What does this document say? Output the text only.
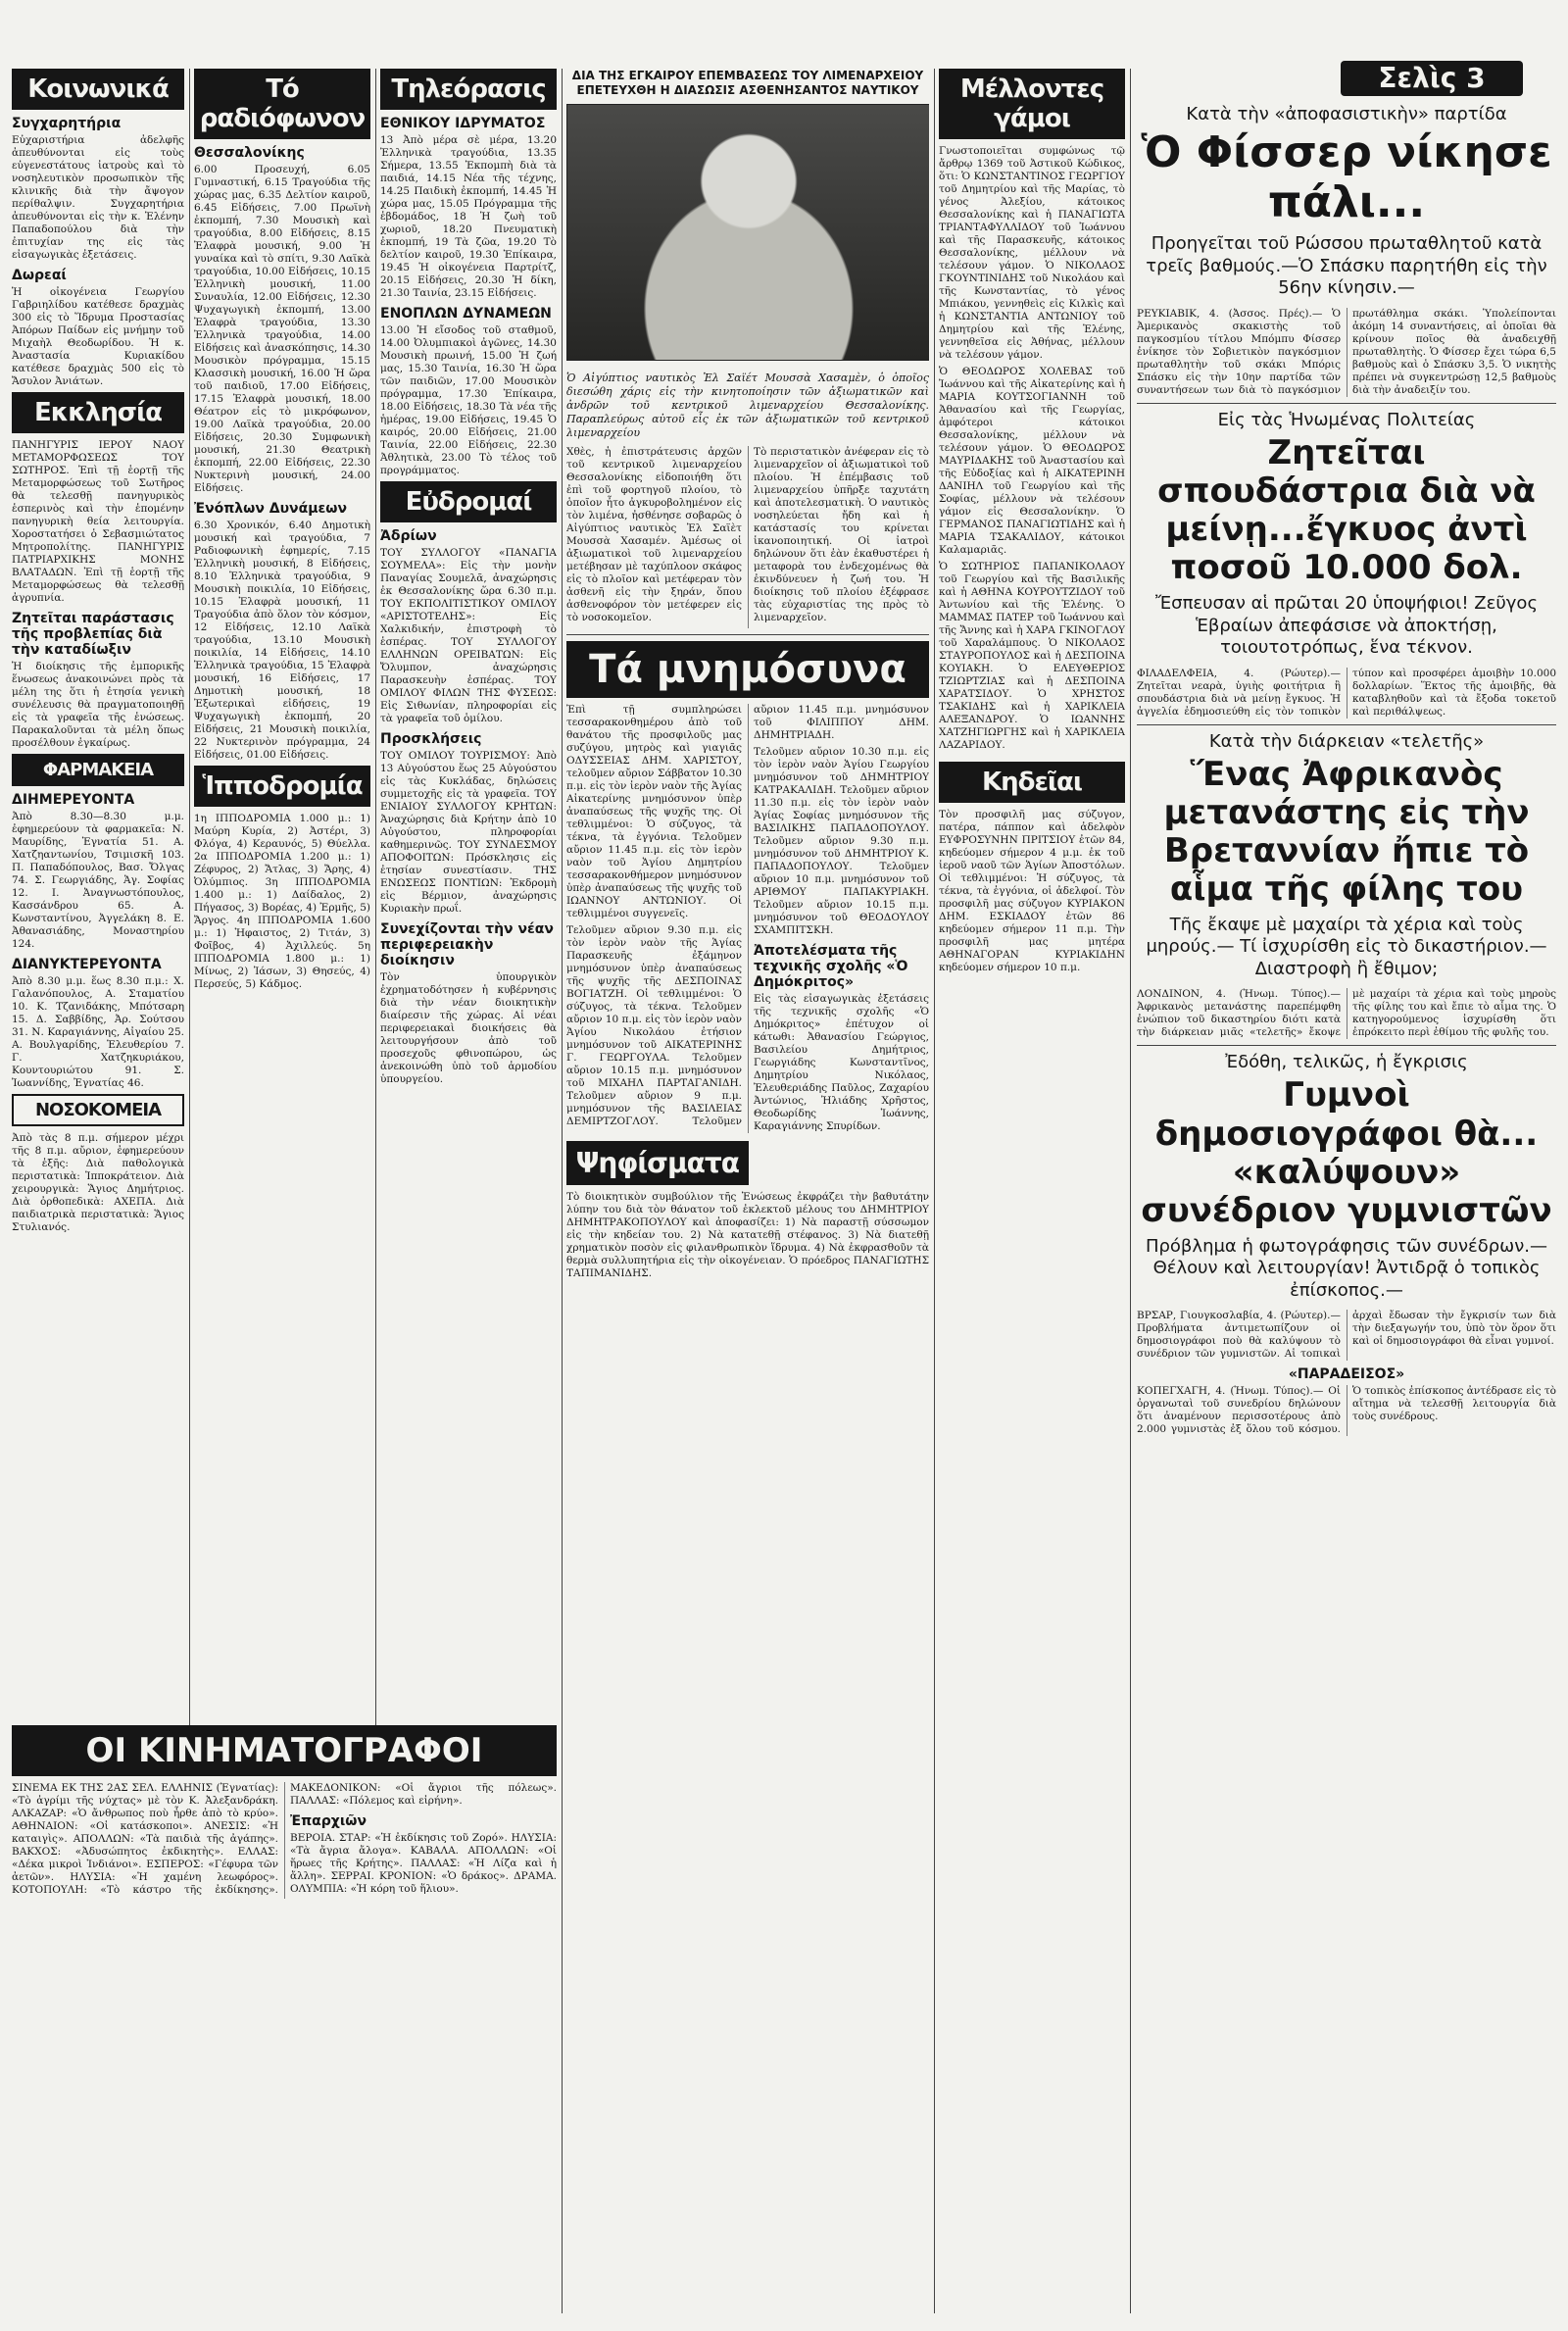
Σελὶς 3
Κοινωνικά
Συγχαρητήρια

Εὐχαριστήρια ἀδελφῆς ἀπευθύνονται εἰς τοὺς εὐγενεστάτους ἰατροὺς καὶ τὸ νοσηλευτικὸν προσωπικὸν τῆς κλινικῆς διὰ τὴν ἄψογον περίθαλψιν. Συγχαρητήρια ἀπευθύνονται εἰς τὴν κ. Ἑλένην Παπαδοπούλου διὰ τὴν ἐπιτυχίαν της εἰς τὰς εἰσαγωγικὰς ἐξετάσεις.

Δωρεαί

Ἡ οἰκογένεια Γεωργίου Γαβριηλίδου κατέθεσε δραχμὰς 300 εἰς τὸ Ἵδρυμα Προστασίας Ἀπόρων Παίδων εἰς μνήμην τοῦ Μιχαὴλ Θεοδωρίδου. Ἡ κ. Ἀναστασία Κυριακίδου κατέθεσε δραχμὰς 500 εἰς τὸ Ἄσυλον Ἀνιάτων.

Εκκλησία

ΠΑΝΗΓΥΡΙΣ ΙΕΡΟΥ ΝΑΟΥ ΜΕΤΑΜΟΡΦΩΣΕΩΣ ΤΟΥ ΣΩΤΗΡΟΣ. Ἐπὶ τῇ ἑορτῇ τῆς Μεταμορφώσεως τοῦ Σωτῆρος θὰ τελεσθῇ πανηγυρικὸς ἑσπερινὸς καὶ τὴν ἑπομένην πανηγυρικὴ θεία λειτουργία. Χοροστατήσει ὁ Σεβασμιώτατος Μητροπολίτης. ΠΑΝΗΓΥΡΙΣ ΠΑΤΡΙΑΡΧΙΚΗΣ ΜΟΝΗΣ ΒΛΑΤΑΔΩΝ. Ἐπὶ τῇ ἑορτῇ τῆς Μεταμορφώσεως θὰ τελεσθῇ ἀγρυπνία.

Ζητεῖται παράστασις τῆς προβλεπίας διὰ τὴν καταδίωξιν

Ἡ διοίκησις τῆς ἐμπορικῆς ἕνωσεως ἀνακοινώνει πρὸς τὰ μέλη της ὅτι ἡ ἐτησία γενικὴ συνέλευσις θὰ πραγματοποιηθῇ εἰς τὰ γραφεῖα τῆς ἑνώσεως. Παρακαλοῦνται τὰ μέλη ὅπως προσέλθουν ἐγκαίρως.

ΦΑΡΜΑΚΕΙΑ
ΔΙΗΜΕΡΕΥΟΝΤΑ

Ἀπὸ 8.30—8.30 μ.μ. ἐφημερεύουν τὰ φαρμακεῖα: Ν. Μαυρίδης, Ἐγνατία 51. Α. Χατζηαντωνίου, Τσιμισκῆ 103. Π. Παπαδόπουλος, Βασ. Ὄλγας 74. Σ. Γεωργιάδης, Ἁγ. Σοφίας 12. Ι. Ἀναγνωστόπουλος, Κασσάνδρου 65. Α. Κωνσταντίνου, Ἀγγελάκη 8. Ε. Ἀθανασιάδης, Μοναστηρίου 124.

ΔΙΑΝΥΚΤΕΡΕΥΟΝΤΑ

Ἀπὸ 8.30 μ.μ. ἕως 8.30 π.μ.: Χ. Γαλανόπουλος, Α. Σταματίου 10. Κ. Τζανιδάκης, Μπότσαρη 15. Δ. Σαββίδης, Ἀρ. Σούτσου 31. Ν. Καραγιάννης, Αἰγαίου 25. Α. Βουλγαρίδης, Ἑλευθερίου 7. Γ. Χατζηκυριάκου, Κουντουριώτου 91. Σ. Ἰωαννίδης, Ἐγνατίας 46.

ΝΟΣΟΚΟΜΕΙΑ

Ἀπὸ τὰς 8 π.μ. σήμερον μέχρι τῆς 8 π.μ. αὔριον, ἐφημερεύουν τὰ ἑξῆς: Διὰ παθολογικὰ περιστατικὰ: Ἱπποκράτειον. Διὰ χειρουργικὰ: Ἅγιος Δημήτριος. Διὰ ὀρθοπεδικὰ: ΑΧΕΠΑ. Διὰ παιδιατρικὰ περιστατικὰ: Ἅγιος Στυλιανός.

Τό ραδιόφωνον
Θεσσαλονίκης

6.00 Προσευχή, 6.05 Γυμναστική, 6.15 Τραγούδια τῆς χώρας μας, 6.35 Δελτίον καιροῦ, 6.45 Εἰδήσεις, 7.00 Πρωϊνὴ ἐκπομπή, 7.30 Μουσικὴ καὶ τραγούδια, 8.00 Εἰδήσεις, 8.15 Ἐλαφρὰ μουσική, 9.00 Ἡ γυναίκα καὶ τὸ σπίτι, 9.30 Λαϊκὰ τραγούδια, 10.00 Εἰδήσεις, 10.15 Ἐλληνικὴ μουσική, 11.00 Συναυλία, 12.00 Εἰδήσεις, 12.30 Ψυχαγωγικὴ ἐκπομπή, 13.00 Ἐλαφρὰ τραγούδια, 13.30 Ἐλληνικὰ τραγούδια, 14.00 Εἰδήσεις καὶ ἀνασκόπησις, 14.30 Μουσικὸν πρόγραμμα, 15.15 Κλασσικὴ μουσική, 16.00 Ἡ ὥρα τοῦ παιδιοῦ, 17.00 Εἰδήσεις, 17.15 Ἐλαφρὰ μουσική, 18.00 Θέατρον εἰς τὸ μικρόφωνον, 19.00 Λαϊκὰ τραγούδια, 20.00 Εἰδήσεις, 20.30 Συμφωνικὴ μουσική, 21.30 Θεατρικὴ ἐκπομπή, 22.00 Εἰδήσεις, 22.30 Νυκτερινὴ μουσική, 24.00 Εἰδήσεις.

Ἐνόπλων Δυνάμεων

6.30 Χρονικόν, 6.40 Δημοτικὴ μουσική καὶ τραγούδια, 7 Ραδιοφωνικὴ ἐφημερίς, 7.15 Ἐλληνικὴ μουσική, 8 Εἰδήσεις, 8.10 Ἑλληνικὰ τραγούδια, 9 Μουσικὴ ποικιλία, 10 Εἰδήσεις, 10.15 Ἐλαφρὰ μουσική, 11 Τραγούδια ἀπὸ ὅλον τὸν κόσμον, 12 Εἰδήσεις, 12.10 Λαϊκὰ τραγούδια, 13.10 Μουσικὴ ποικιλία, 14 Εἰδήσεις, 14.10 Ἑλληνικὰ τραγούδια, 15 Ἐλαφρὰ μουσική, 16 Εἰδήσεις, 17 Δημοτικὴ μουσική, 18 Ἐξωτερικαὶ εἰδήσεις, 19 Ψυχαγωγικὴ ἐκπομπή, 20 Εἰδήσεις, 21 Μουσικὴ ποικιλία, 22 Νυκτερινὸν πρόγραμμα, 24 Εἰδήσεις, 01.00 Εἰδήσεις.

Ἱπποδρομία

1η ΙΠΠΟΔΡΟΜΙΑ 1.000 μ.: 1) Μαύρη Κυρία, 2) Ἀστέρι, 3) Φλόγα, 4) Κεραυνός, 5) Θύελλα. 2α ΙΠΠΟΔΡΟΜΙΑ 1.200 μ.: 1) Ζέφυρος, 2) Ἄτλας, 3) Ἄρης, 4) Ὀλύμπιος. 3η ΙΠΠΟΔΡΟΜΙΑ 1.400 μ.: 1) Δαίδαλος, 2) Πήγασος, 3) Βορέας, 4) Ἐρμῆς, 5) Ἄργος. 4η ΙΠΠΟΔΡΟΜΙΑ 1.600 μ.: 1) Ἡφαιστος, 2) Τιτάν, 3) Φοῖβος, 4) Ἀχιλλεύς. 5η ΙΠΠΟΔΡΟΜΙΑ 1.800 μ.: 1) Μίνως, 2) Ἰάσων, 3) Θησεύς, 4) Περσεύς, 5) Κάδμος.

Τηλεόρασις
ΕΘΝΙΚΟΥ ΙΔΡΥΜΑΤΟΣ

13 Ἀπὸ μέρα σὲ μέρα, 13.20 Ἐλληνικὰ τραγούδια, 13.35 Σήμερα, 13.55 Ἐκπομπὴ διὰ τὰ παιδιά, 14.15 Νέα τῆς τέχνης, 14.25 Παιδικὴ ἐκπομπή, 14.45 Ἡ χώρα μας, 15.05 Πρόγραμμα τῆς ἑβδομάδος, 18 Ἡ ζωὴ τοῦ χωριοῦ, 18.20 Πνευματικὴ ἐκπομπή, 19 Τὰ ζῶα, 19.20 Τὸ δελτίον καιροῦ, 19.30 Ἐπίκαιρα, 19.45 Ἡ οἰκογένεια Παρτρίτζ, 20.15 Εἰδήσεις, 20.30 Ἡ δίκη, 21.30 Ταινία, 23.15 Εἰδήσεις.

ΕΝΟΠΛΩΝ ΔΥΝΑΜΕΩΝ

13.00 Ἡ εἴσοδος τοῦ σταθμοῦ, 14.00 Ὀλυμπιακοὶ ἀγῶνες, 14.30 Μουσικὴ πρωινή, 15.00 Ἡ ζωή μας, 15.30 Ταινία, 16.30 Ἡ ὥρα τῶν παιδιῶν, 17.00 Μουσικὸν πρόγραμμα, 17.30 Ἐπίκαιρα, 18.00 Εἰδήσεις, 18.30 Τὰ νέα τῆς ἡμέρας, 19.00 Εἰδήσεις, 19.45 Ὁ καιρός, 20.00 Εἰδήσεις, 21.00 Ταινία, 22.00 Εἰδήσεις, 22.30 Ἀθλητικὰ, 23.00 Τὸ τέλος τοῦ προγράμματος.

Εὐδρομαί
Ἀδρίων

ΤΟΥ ΣΥΛΛΟΓΟΥ «ΠΑΝΑΓΙΑ ΣΟΥΜΕΛΑ»: Εἰς τὴν μονὴν Παναγίας Σουμελᾶ, ἀναχώρησις ἐκ Θεσσαλονίκης ὥρα 6.30 π.μ. ΤΟΥ ΕΚΠΟΛΙΤΙΣΤΙΚΟΥ ΟΜΙΛΟΥ «ΑΡΙΣΤΟΤΕΛΗΣ»: Εἰς Χαλκιδικήν, ἐπιστροφὴ τὸ ἑσπέρας. ΤΟΥ ΣΥΛΛΟΓΟΥ ΕΛΛΗΝΩΝ ΟΡΕΙΒΑΤΩΝ: Εἰς Ὄλυμπον, ἀναχώρησις Παρασκευὴν ἑσπέρας. ΤΟΥ ΟΜΙΛΟΥ ΦΙΛΩΝ ΤΗΣ ΦΥΣΕΩΣ: Εἰς Σιθωνίαν, πληροφορίαι εἰς τὰ γραφεῖα τοῦ ὁμίλου.

Προσκλήσεις

ΤΟΥ ΟΜΙΛΟΥ ΤΟΥΡΙΣΜΟΥ: Ἀπὸ 13 Αὐγούστου ἕως 25 Αὐγούστου εἰς τὰς Κυκλάδας, δηλώσεις συμμετοχῆς εἰς τὰ γραφεῖα. ΤΟΥ ΕΝΙΑΙΟΥ ΣΥΛΛΟΓΟΥ ΚΡΗΤΩΝ: Ἀναχώρησις διὰ Κρήτην ἀπὸ 10 Αὐγούστου, πληροφορίαι καθημερινῶς. ΤΟΥ ΣΥΝΔΕΣΜΟΥ ΑΠΟΦΟΙΤΩΝ: Πρόσκλησις εἰς ἐτησίαν συνεστίασιν. ΤΗΣ ΕΝΩΣΕΩΣ ΠΟΝΤΙΩΝ: Ἐκδρομὴ εἰς Βέρμιον, ἀναχώρησις Κυριακὴν πρωΐ.

Συνεχίζονται τὴν νέαν περιφερειακὴν διοίκησιν

Τὸν ὑπουργικὸν ἐχρηματοδότησεν ἡ κυβέρνησις διὰ τὴν νέαν διοικητικὴν διαίρεσιν τῆς χώρας. Αἱ νέαι περιφερειακαὶ διοικήσεις θὰ λειτουργήσουν ἀπὸ τοῦ προσεχοῦς φθινοπώρου, ὡς ἀνεκοινώθη ὑπὸ τοῦ ἁρμοδίου ὑπουργείου.

ΟΙ ΚΙΝΗΜΑΤΟΓΡΑΦΟΙ

ΣΙΝΕΜΑ ΕΚ ΤΗΣ 2ΑΣ ΣΕΛ. ΕΛΛΗΝΙΣ (Ἐγνατίας): «Τὸ ἀγρίμι τῆς νύχτας» μὲ τὸν Κ. Ἀλεξανδράκη. ΑΛΚΑΖΑΡ: «Ὁ ἄνθρωπος ποὺ ἦρθε ἀπὸ τὸ κρύο». ΑΘΗΝΑΙΟΝ: «Οἱ κατάσκοποι». ΑΝΕΣΙΣ: «Ἡ καταιγὶς». ΑΠΟΛΛΩΝ: «Τὰ παιδιὰ τῆς ἀγάπης». ΒΑΚΧΟΣ: «Ἀδυσώπητος ἐκδικητὴς». ΕΛΛΑΣ: «Δέκα μικροὶ Ἰνδιάνοι». ΕΣΠΕΡΟΣ: «Γέφυρα τῶν ἀετῶν». ΗΛΥΣΙΑ: «Ἡ χαμένη λεωφόρος». ΚΟΤΟΠΟΥΛΗ: «Τὸ κάστρο τῆς ἐκδίκησης». ΜΑΚΕΔΟΝΙΚΟΝ: «Οἱ ἄγριοι τῆς πόλεως». ΠΑΛΛΑΣ: «Πόλεμος καὶ εἰρήνη».

Ἐπαρχιῶν

ΒΕΡΟΙΑ. ΣΤΑΡ: «Ἡ ἐκδίκησις τοῦ Ζορό». ΗΛΥΣΙΑ: «Τὰ ἄγρια ἄλογα». ΚΑΒΑΛΑ. ΑΠΟΛΛΩΝ: «Οἱ ἥρωες τῆς Κρήτης». ΠΑΛΛΑΣ: «Ἡ Λίζα καὶ ἡ ἄλλη». ΣΕΡΡΑΙ. ΚΡΟΝΙΟΝ: «Ὁ δράκος». ΔΡΑΜΑ. ΟΛΥΜΠΙΑ: «Ἡ κόρη τοῦ ἥλιου».

ΔΙΑ ΤΗΣ ΕΓΚΑΙΡΟΥ ΕΠΕΜΒΑΣΕΩΣ ΤΟΥ ΛΙΜΕΝΑΡΧΕΙΟΥ ΕΠΕΤΕΥΧΘΗ Η ΔΙΑΣΩΣΙΣ ΑΣΘΕΝΗΣΑΝΤΟΣ ΝΑΥΤΙΚΟΥ

Ὁ Αἰγύπτιος ναυτικὸς Ἐλ Σαϊέτ Μουσσὰ Χασαμὲν, ὁ ὁποῖος διεσώθη χάρις εἰς τὴν κινητοποίησιν τῶν ἀξιωματικῶν καὶ ἀνδρῶν τοῦ κεντρικοῦ λιμεναρχείου Θεσσαλονίκης. Παραπλεύρως αὐτοῦ εἷς ἐκ τῶν ἀξιωματικῶν τοῦ κεντρικοῦ λιμεναρχείου

Χθὲς, ἡ ἐπιστράτευσις ἀρχῶν τοῦ κεντρικοῦ λιμεναρχείου Θεσσαλονίκης εἰδοποιήθη ὅτι ἐπὶ τοῦ φορτηγοῦ πλοίου, τὸ ὁποῖον ἦτο ἀγκυροβολημένον εἰς τὸν λιμένα, ἠσθένησε σοβαρῶς ὁ Αἰγύπτιος ναυτικὸς Ἐλ Σαϊὲτ Μουσσὰ Χασαμέν. Ἀμέσως οἱ ἀξιωματικοὶ τοῦ λιμεναρχείου μετέβησαν μὲ ταχύπλοον σκάφος εἰς τὸ πλοῖον καὶ μετέφεραν τὸν ἀσθενῆ εἰς τὴν ξηράν, ὅπου ἀσθενοφόρον τὸν μετέφερεν εἰς τὸ νοσοκομεῖον.

Τὸ περιστατικὸν ἀνέφεραν εἰς τὸ λιμεναρχεῖον οἱ ἀξιωματικοὶ τοῦ πλοίου. Ἡ ἐπέμβασις τοῦ λιμεναρχείου ὑπῆρξε ταχυτάτη καὶ ἀποτελεσματικὴ. Ὁ ναυτικὸς νοσηλεύεται ἤδη καὶ ἡ κατάστασίς του κρίνεται ἱκανοποιητική. Οἱ ἰατροὶ δηλώνουν ὅτι ἐὰν ἐκαθυστέρει ἡ μεταφορὰ του ἐνδεχομένως θὰ ἐκινδύνευεν ἡ ζωή του. Ἡ διοίκησις τοῦ πλοίου ἐξέφρασε τὰς εὐχαριστίας της πρὸς τὸ λιμεναρχεῖον.

Τά μνημόσυνα

Ἐπὶ τῇ συμπληρώσει τεσσαρακονθημέρου ἀπὸ τοῦ θανάτου τῆς προσφιλοῦς μας συζύγου, μητρὸς καὶ γιαγιᾶς ΟΔΥΣΣΕΙΑΣ ΔΗΜ. ΧΑΡΙΣΤΟΥ, τελοῦμεν αὔριον Σάββατον 10.30 π.μ. εἰς τὸν ἱερὸν ναὸν τῆς Ἁγίας Αἰκατερίνης μνημόσυνον ὑπὲρ ἀναπαύσεως τῆς ψυχῆς της. Οἱ τεθλιμμένοι: Ὁ σύζυγος, τὰ τέκνα, τὰ ἐγγόνια. Τελοῦμεν αὔριον 11.45 π.μ. εἰς τὸν ἱερὸν ναὸν τοῦ Ἁγίου Δημητρίου τεσσαρακονθήμερον μνημόσυνον ὑπὲρ ἀναπαύσεως τῆς ψυχῆς τοῦ ΙΩΑΝΝΟΥ ΑΝΤΩΝΙΟΥ. Οἱ τεθλιμμένοι συγγενεῖς.

Τελοῦμεν αὔριον 9.30 π.μ. εἰς τὸν ἱερὸν ναὸν τῆς Ἁγίας Παρασκευῆς ἐξάμηνον μνημόσυνον ὑπὲρ ἀναπαύσεως τῆς ψυχῆς τῆς ΔΕΣΠΟΙΝΑΣ ΒΟΓΙΑΤΖΗ. Οἱ τεθλιμμένοι: Ὁ σύζυγος, τὰ τέκνα. Τελοῦμεν αὔριον 10 π.μ. εἰς τὸν ἱερὸν ναὸν Ἁγίου Νικολάου ἐτήσιον μνημόσυνον τοῦ ΑΙΚΑΤΕΡΙΝΗΣ Γ. ΓΕΩΡΓΟΥΛΑ. Τελοῦμεν αὔριον 10.15 π.μ. μνημόσυνον τοῦ ΜΙΧΑΗΛ ΠΑΡΤΑΓΑΝΙΔΗ. Τελοῦμεν αὔριον 9 π.μ. μνημόσυνον τῆς ΒΑΣΙΛΕΙΑΣ ΔΕΜΙΡΤΖΟΓΛΟΥ. Τελοῦμεν αὔριον 11.45 π.μ. μνημόσυνον τοῦ ΦΙΛΙΠΠΟΥ ΔΗΜ. ΔΗΜΗΤΡΙΑΔΗ.

Τελοῦμεν αὔριον 10.30 π.μ. εἰς τὸν ἱερὸν ναὸν Ἁγίου Γεωργίου μνημόσυνον τοῦ ΔΗΜΗΤΡΙΟΥ ΚΑΤΡΑΚΑΛΙΔΗ. Τελοῦμεν αὔριον 11.30 π.μ. εἰς τὸν ἱερὸν ναὸν Ἁγίας Σοφίας μνημόσυνον τῆς ΒΑΣΙΛΙΚΗΣ ΠΑΠΑΔΟΠΟΥΛΟΥ. Τελοῦμεν αὔριον 9.30 π.μ. μνημόσυνον τοῦ ΔΗΜΗΤΡΙΟΥ Κ. ΠΑΠΑΔΟΠΟΥΛΟΥ. Τελοῦμεν αὔριον 10 π.μ. μνημόσυνον τοῦ ΑΡΙΘΜΟΥ ΠΑΠΑΚΥΡΙΑΚΗ. Τελοῦμεν αὔριον 10.15 π.μ. μνημόσυνον τοῦ ΘΕΟΔΟΥΛΟΥ ΣΧΑΜΠΙΤΣΚΗ.

Ἀποτελέσματα τῆς τεχνικῆς σχολῆς «Ὁ Δημόκριτος»

Εἰς τὰς εἰσαγωγικὰς ἐξετάσεις τῆς τεχνικῆς σχολῆς «Ὁ Δημόκριτος» ἐπέτυχον οἱ κάτωθι: Ἀθανασίου Γεώργιος, Βασιλείου Δημήτριος, Γεωργιάδης Κωνσταντῖνος, Δημητρίου Νικόλαος, Ἐλευθεριάδης Παῦλος, Ζαχαρίου Ἀντώνιος, Ἠλιάδης Χρῆστος, Θεοδωρίδης Ἰωάννης, Καραγιάννης Σπυρίδων.

Ψηφίσματα

Τὸ διοικητικὸν συμβούλιον τῆς Ἑνώσεως ἐκφράζει τὴν βαθυτάτην λύπην του διὰ τὸν θάνατον τοῦ ἐκλεκτοῦ μέλους του ΔΗΜΗΤΡΙΟΥ ΔΗΜΗΤΡΑΚΟΠΟΥΛΟΥ καὶ ἀποφασίζει: 1) Νὰ παραστῇ σύσσωμον εἰς τὴν κηδείαν του. 2) Νὰ κατατεθῇ στέφανος. 3) Νὰ διατεθῇ χρηματικὸν ποσὸν εἰς φιλανθρωπικὸν ἵδρυμα. 4) Νὰ ἐκφρασθοῦν τὰ θερμὰ συλλυπητήρια εἰς τὴν οἰκογένειαν. Ὁ πρόεδρος ΠΑΝΑΓΙΩΤΗΣ ΤΑΠΙΜΑΝΙΔΗΣ.

Μέλλοντες γάμοι

Γνωστοποιεῖται συμφώνως τῷ ἄρθρῳ 1369 τοῦ Ἀστικοῦ Κώδικος, ὅτι: Ὁ ΚΩΝΣΤΑΝΤΙΝΟΣ ΓΕΩΡΓΙΟΥ τοῦ Δημητρίου καὶ τῆς Μαρίας, τὸ γένος Ἀλεξίου, κάτοικος Θεσσαλονίκης καὶ ἡ ΠΑΝΑΓΙΩΤΑ ΤΡΙΑΝΤΑΦΥΛΛΙΔΟΥ τοῦ Ἰωάννου καὶ τῆς Παρασκευῆς, κάτοικος Θεσσαλονίκης, μέλλουν νὰ τελέσουν γάμον. Ὁ ΝΙΚΟΛΑΟΣ ΓΚΟΥΝΤΙΝΙΔΗΣ τοῦ Νικολάου καὶ τῆς Κωνσταντίας, τὸ γένος Μπιάκου, γεννηθεὶς εἰς Κιλκὶς καὶ ἡ ΚΩΝΣΤΑΝΤΙΑ ΑΝΤΩΝΙΟΥ τοῦ Δημητρίου καὶ τῆς Ἑλένης, γεννηθεῖσα εἰς Ἀθήνας, μέλλουν νὰ τελέσουν γάμον.

Ὁ ΘΕΟΔΩΡΟΣ ΧΟΛΕΒΑΣ τοῦ Ἰωάννου καὶ τῆς Αἰκατερίνης καὶ ἡ ΜΑΡΙΑ ΚΟΥΤΣΟΓΙΑΝΝΗ τοῦ Ἀθανασίου καὶ τῆς Γεωργίας, ἀμφότεροι κάτοικοι Θεσσαλονίκης, μέλλουν νὰ τελέσουν γάμον. Ὁ ΘΕΟΔΩΡΟΣ ΜΑΥΡΙΔΑΚΗΣ τοῦ Ἀναστασίου καὶ τῆς Εὐδοξίας καὶ ἡ ΑΙΚΑΤΕΡΙΝΗ ΔΑΝΙΗΛ τοῦ Γεωργίου καὶ τῆς Σοφίας, μέλλουν νὰ τελέσουν γάμον εἰς Θεσσαλονίκην. Ὁ ΓΕΡΜΑΝΟΣ ΠΑΝΑΓΙΩΤΙΔΗΣ καὶ ἡ ΜΑΡΙΑ ΤΣΑΚΑΛΙΔΟΥ, κάτοικοι Καλαμαριᾶς.

Ὁ ΣΩΤΗΡΙΟΣ ΠΑΠΑΝΙΚΟΛΑΟΥ τοῦ Γεωργίου καὶ τῆς Βασιλικῆς καὶ ἡ ΑΘΗΝΑ ΚΟΥΡΟΥΤΖΙΔΟΥ τοῦ Ἀντωνίου καὶ τῆς Ἑλένης. Ὁ ΜΑΜΜΑΣ ΠΑΤΕΡ τοῦ Ἰωάννου καὶ τῆς Ἄννης καὶ ἡ ΧΑΡΑ ΓΚΙΝΟΓΛΟΥ τοῦ Χαραλάμπους. Ὁ ΝΙΚΟΛΑΟΣ ΣΤΑΥΡΟΠΟΥΛΟΣ καὶ ἡ ΔΕΣΠΟΙΝΑ ΚΟΥΙΑΚΗ. Ὁ ΕΛΕΥΘΕΡΙΟΣ ΤΖΙΩΡΤΖΙΑΣ καὶ ἡ ΔΕΣΠΟΙΝΑ ΧΑΡΑΤΣΙΔΟΥ. Ὁ ΧΡΗΣΤΟΣ ΤΣΑΚΙΔΗΣ καὶ ἡ ΧΑΡΙΚΛΕΙΑ ΑΛΕΞΑΝΔΡΟΥ. Ὁ ΙΩΑΝΝΗΣ ΧΑΤΖΗΓΙΩΡΓΗΣ καὶ ἡ ΧΑΡΙΚΛΕΙΑ ΛΑΖΑΡΙΔΟΥ.

Κηδεῖαι

Τὸν προσφιλῆ μας σύζυγον, πατέρα, πάππον καὶ ἀδελφὸν ΕΥΦΡΟΣΥΝΗΝ ΠΡΙΤΣΙΟΥ ἐτῶν 84, κηδεύομεν σήμερον 4 μ.μ. ἐκ τοῦ ἱεροῦ ναοῦ τῶν Ἁγίων Ἀποστόλων. Οἱ τεθλιμμένοι: Ἡ σύζυγος, τὰ τέκνα, τὰ ἐγγόνια, οἱ ἀδελφοί. Τὸν προσφιλῆ μας σύζυγον ΚΥΡΙΑΚΟΝ ΔΗΜ. ΕΣΚΙΑΔΟΥ ἐτῶν 86 κηδεύομεν σήμερον 11 π.μ. Τὴν προσφιλῆ μας μητέρα ΑΘΗΝΑΓΟΡΑΝ ΚΥΡΙΑΚΙΔΗΝ κηδεύομεν σήμερον 10 π.μ.

Κατὰ τὴν «ἀποφασιστικὴν» παρτίδα
Ὁ Φίσσερ νίκησε πάλι...
Προηγεῖται τοῦ Ρώσσου πρωταθλητοῦ κατὰ τρεῖς βαθμούς.—Ὁ Σπάσκυ παρητήθη εἰς τὴν 56ην κίνησιν.—

ΡΕΥΚΙΑΒΙΚ, 4. (Ἀσσος. Πρές).— Ὁ Ἀμερικανὸς σκακιστὴς τοῦ παγκοσμίου τίτλου Μπόμπυ Φίσσερ ἐνίκησε τὸν Σοβιετικὸν παγκόσμιον πρωταθλητὴν τοῦ σκάκι Μπόρις Σπάσκυ εἰς τὴν 10ην παρτίδα τῶν συναντήσεων των διὰ τὸ παγκόσμιον πρωτάθλημα σκάκι. Ὑπολείπονται ἀκόμη 14 συναντήσεις, αἱ ὁποῖαι θὰ κρίνουν ποῖος θὰ ἀναδειχθῇ πρωταθλητὴς. Ὁ Φίσσερ ἔχει τώρα 6,5 βαθμοὺς καὶ ὁ Σπάσκυ 3,5. Ὁ νικητὴς πρέπει νὰ συγκεντρώσῃ 12,5 βαθμοὺς διὰ τὴν ἀναδειξίν του.

Εἰς τὰς Ἡνωμένας Πολιτείας
Ζητεῖται σπουδάστρια διὰ νὰ μείνῃ...ἔγκυος ἀντὶ ποσοῦ 10.000 δολ.
Ἔσπευσαν αἱ πρῶται 20 ὑποψήφιοι! Ζεῦγος Ἑβραίων ἀπεφάσισε νὰ ἀποκτήσῃ, τοιουτοτρόπως, ἕνα τέκνον.

ΦΙΛΑΔΕΛΦΕΙΑ, 4. (Ρώυτερ).— Ζητεῖται νεαρὰ, ὑγιὴς φοιτήτρια ἢ σπουδάστρια διὰ νὰ μείνῃ ἔγκυος. Ἡ ἀγγελία ἐδημοσιεύθη εἰς τὸν τοπικὸν τύπον καὶ προσφέρει ἀμοιβὴν 10.000 δολλαρίων. Ἕκτος τῆς ἀμοιβῆς, θὰ καταβληθοῦν καὶ τὰ ἔξοδα τοκετοῦ καὶ περιθάλψεως.

Κατὰ τὴν διάρκειαν «τελετῆς»
Ἕνας Ἀφρικανὸς μετανάστης εἰς τὴν Βρεταννίαν ἤπιε τὸ αἷμα τῆς φίλης του
Τῆς ἔκαψε μὲ μαχαίρι τὰ χέρια καὶ τοὺς μηρούς.— Τί ἰσχυρίσθη εἰς τὸ δικαστήριον.— Διαστροφὴ ἢ ἔθιμον;

ΛΟΝΔΙΝΟΝ, 4. (Ἡνωμ. Τύπος).— Ἀφρικανὸς μετανάστης παρεπέμφθη ἐνώπιον τοῦ δικαστηρίου διότι κατὰ τὴν διάρκειαν μιᾶς «τελετῆς» ἔκοψε μὲ μαχαίρι τὰ χέρια καὶ τοὺς μηροὺς τῆς φίλης του καὶ ἔπιε τὸ αἷμα της. Ὁ κατηγορούμενος ἰσχυρίσθη ὅτι ἐπρόκειτο περὶ ἐθίμου τῆς φυλῆς του.

Ἐδόθη, τελικῶς, ἡ ἔγκρισις
Γυμνοὶ δημοσιογράφοι θὰ... «καλύψουν» συνέδριον γυμνιστῶν
Πρόβλημα ἡ φωτογράφησις τῶν συνέδρων.— Θέλουν καὶ λειτουργίαν! Ἀντιδρᾷ ὁ τοπικὸς ἐπίσκοπος.—

ΒΡΣΑΡ, Γιουγκοσλαβία, 4. (Ρώυτερ).— Προβλήματα ἀντιμετωπίζουν οἱ δημοσιογράφοι ποὺ θὰ καλύψουν τὸ συνέδριον τῶν γυμνιστῶν. Αἱ τοπικαὶ ἀρχαὶ ἔδωσαν τὴν ἔγκρισίν των διὰ τὴν διεξαγωγήν του, ὑπὸ τὸν ὅρον ὅτι καὶ οἱ δημοσιογράφοι θὰ εἶναι γυμνοί.

«ΠΑΡΑΔΕΙΣΟΣ»

ΚΟΠΕΓΧΑΓΗ, 4. (Ἡνωμ. Τύπος).— Οἱ ὀργανωταὶ τοῦ συνεδρίου δηλώνουν ὅτι ἀναμένουν περισσοτέρους ἀπὸ 2.000 γυμνιστὰς ἐξ ὅλου τοῦ κόσμου. Ὁ τοπικὸς ἐπίσκοπος ἀντέδρασε εἰς τὸ αἴτημα νὰ τελεσθῇ λειτουργία διὰ τοὺς συνέδρους.
